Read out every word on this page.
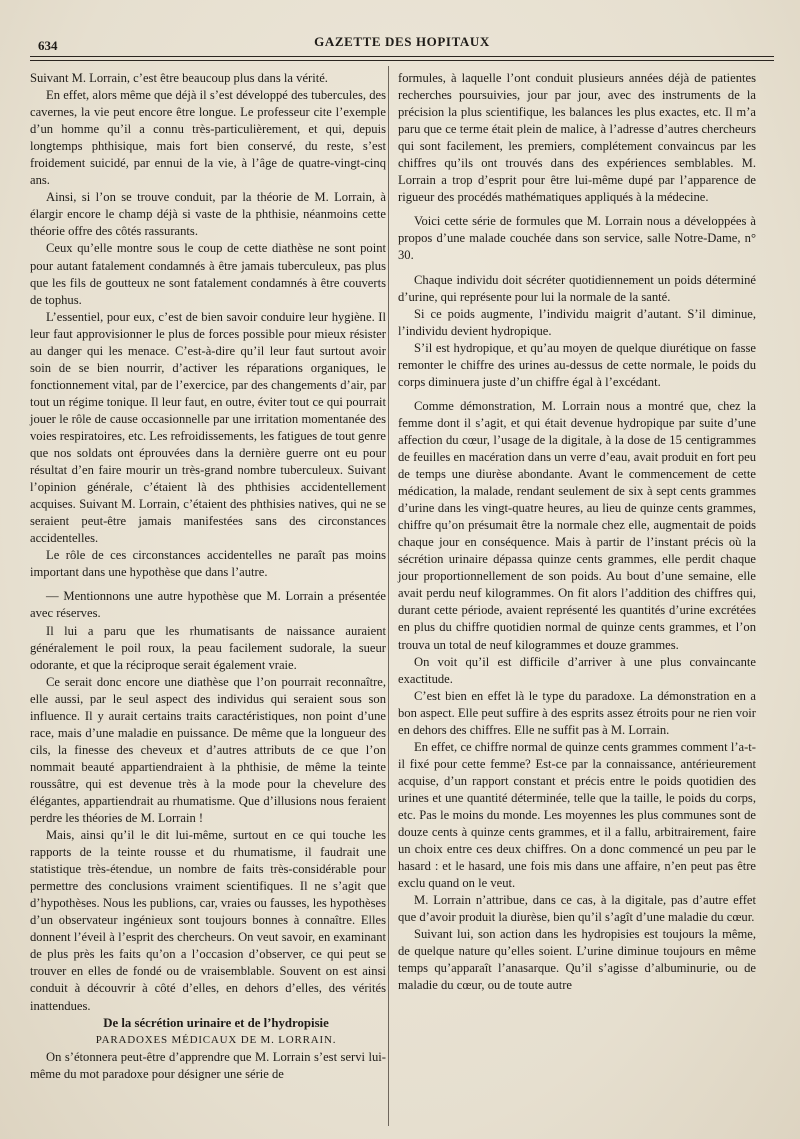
634	GAZETTE DES HOPITAUX

Suivant M. Lorrain, c’est être beaucoup plus dans la vérité.

En effet, alors même que déjà il s’est développé des tubercules, des cavernes, la vie peut encore être longue. Le professeur cite l’exemple d’un homme qu’il a connu très-particulièrement, et qui, depuis longtemps phthisique, mais fort bien conservé, du reste, s’est froidement suicidé, par ennui de la vie, à l’âge de quatre-vingt-cinq ans.

Ainsi, si l’on se trouve conduit, par la théorie de M. Lorrain, à élargir encore le champ déjà si vaste de la phthisie, néanmoins cette théorie offre des côtés rassurants.

Ceux qu’elle montre sous le coup de cette diathèse ne sont point pour autant fatalement condamnés à être jamais tuberculeux, pas plus que les fils de goutteux ne sont fatalement condamnés à être couverts de tophus.

L’essentiel, pour eux, c’est de bien savoir conduire leur hygiène. Il leur faut approvisionner le plus de forces possible pour mieux résister au danger qui les menace. C’est-à-dire qu’il leur faut surtout avoir soin de se bien nourrir, d’activer les réparations organiques, le fonctionnement vital, par de l’exercice, par des changements d’air, par tout un régime tonique. Il leur faut, en outre, éviter tout ce qui pourrait jouer le rôle de cause occasionnelle par une irritation momentanée des voies respiratoires, etc. Les refroidissements, les fatigues de tout genre que nos soldats ont éprouvées dans la dernière guerre ont eu pour résultat d’en faire mourir un très-grand nombre tuberculeux. Suivant l’opinion générale, c’étaient là des phthisies accidentellement acquises. Suivant M. Lorrain, c’étaient des phthisies natives, qui ne se seraient peut-être jamais manifestées sans des circonstances accidentelles.

Le rôle de ces circonstances accidentelles ne paraît pas moins important dans une hypothèse que dans l’autre.

— Mentionnons une autre hypothèse que M. Lorrain a présentée avec réserves.

Il lui a paru que les rhumatisants de naissance auraient généralement le poil roux, la peau facilement sudorale, la sueur odorante, et que la réciproque serait également vraie.

Ce serait donc encore une diathèse que l’on pourrait reconnaître, elle aussi, par le seul aspect des individus qui seraient sous son influence. Il y aurait certains traits caractéristiques, non point d’une race, mais d’une maladie en puissance. De même que la longueur des cils, la finesse des cheveux et d’autres attributs de ce que l’on nommait beauté appartiendraient à la phthisie, de même la teinte roussâtre, qui est devenue très à la mode pour la chevelure des élégantes, appartiendrait au rhumatisme. Que d’illusions nous feraient perdre les théories de M. Lorrain !

Mais, ainsi qu’il le dit lui-même, surtout en ce qui touche les rapports de la teinte rousse et du rhumatisme, il faudrait une statistique très-étendue, un nombre de faits très-considérable pour permettre des conclusions vraiment scientifiques. Il ne s’agit que d’hypothèses. Nous les publions, car, vraies ou fausses, les hypothèses d’un observateur ingénieux sont toujours bonnes à connaître. Elles donnent l’éveil à l’esprit des chercheurs. On veut savoir, en examinant de plus près les faits qu’on a l’occasion d’observer, ce qui peut se trouver en elles de fondé ou de vraisemblable. Souvent on est ainsi conduit à découvrir à côté d’elles, en dehors d’elles, des vérités inattendues.

De la sécrétion urinaire et de l’hydropisie

PARADOXES MÉDICAUX DE M. LORRAIN.

On s’étonnera peut-être d’apprendre que M. Lorrain s’est servi lui-même du mot paradoxe pour désigner une série de

formules, à laquelle l’ont conduit plusieurs années déjà de patientes recherches poursuivies, jour par jour, avec des instruments de la précision la plus scientifique, les balances les plus exactes, etc. Il m’a paru que ce terme était plein de malice, à l’adresse d’autres chercheurs qui sont facilement, les premiers, complétement convaincus par les chiffres qu’ils ont trouvés dans des expériences semblables. M. Lorrain a trop d’esprit pour être lui-même dupé par l’apparence de rigueur des procédés mathématiques appliqués à la médecine.

Voici cette série de formules que M. Lorrain nous a développées à propos d’une malade couchée dans son service, salle Notre-Dame, n° 30.

Chaque individu doit sécréter quotidiennement un poids déterminé d’urine, qui représente pour lui la normale de la santé.

Si ce poids augmente, l’individu maigrit d’autant. S’il diminue, l’individu devient hydropique.

S’il est hydropique, et qu’au moyen de quelque diurétique on fasse remonter le chiffre des urines au-dessus de cette normale, le poids du corps diminuera juste d’un chiffre égal à l’excédant.

Comme démonstration, M. Lorrain nous a montré que, chez la femme dont il s’agit, et qui était devenue hydropique par suite d’une affection du cœur, l’usage de la digitale, à la dose de 15 centigrammes de feuilles en macération dans un verre d’eau, avait produit en fort peu de temps une diurèse abondante. Avant le commencement de cette médication, la malade, rendant seulement de six à sept cents grammes d’urine dans les vingt-quatre heures, au lieu de quinze cents grammes, chiffre qu’on présumait être la normale chez elle, augmentait de poids chaque jour en conséquence. Mais à partir de l’instant précis où la sécrétion urinaire dépassa quinze cents grammes, elle perdit chaque jour proportionnellement de son poids. Au bout d’une semaine, elle avait perdu neuf kilogrammes. On fit alors l’addition des chiffres qui, durant cette période, avaient représenté les quantités d’urine excrétées en plus du chiffre quotidien normal de quinze cents grammes, et l’on trouva un total de neuf kilogrammes et douze grammes.

On voit qu’il est difficile d’arriver à une plus convaincante exactitude.

C’est bien en effet là le type du paradoxe. La démonstration en a bon aspect. Elle peut suffire à des esprits assez étroits pour ne rien voir en dehors des chiffres. Elle ne suffit pas à M. Lorrain.

En effet, ce chiffre normal de quinze cents grammes comment l’a-t-il fixé pour cette femme? Est-ce par la connaissance, antérieurement acquise, d’un rapport constant et précis entre le poids quotidien des urines et une quantité déterminée, telle que la taille, le poids du corps, etc. Pas le moins du monde. Les moyennes les plus communes sont de douze cents à quinze cents grammes, et il a fallu, arbitrairement, faire un choix entre ces deux chiffres. On a donc commencé un peu par le hasard : et le hasard, une fois mis dans une affaire, n’en peut pas être exclu quand on le veut.

M. Lorrain n’attribue, dans ce cas, à la digitale, pas d’autre effet que d’avoir produit la diurèse, bien qu’il s’agît d’une maladie du cœur.

Suivant lui, son action dans les hydropisies est toujours la même, de quelque nature qu’elles soient. L’urine diminue toujours en même temps qu’apparaît l’anasarque. Qu’il s’agisse d’albuminurie, ou de maladie du cœur, ou de toute autre
